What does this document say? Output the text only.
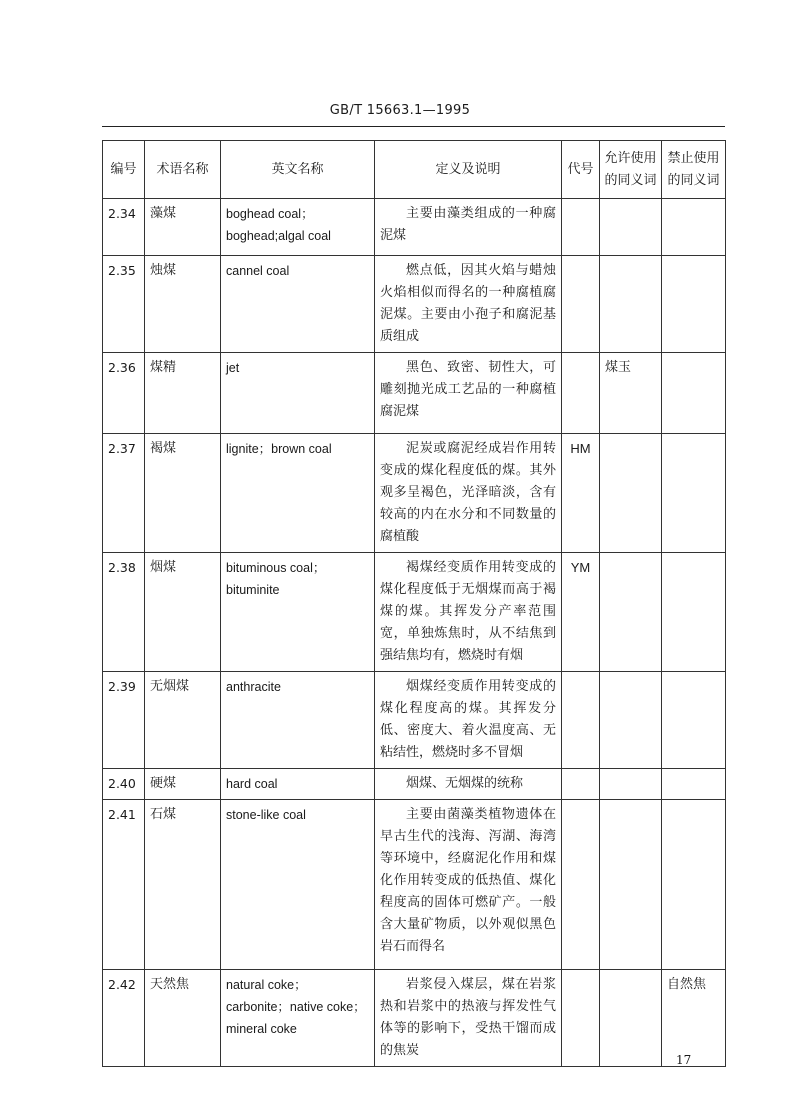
GB/T 15663.1—1995
编号	术语名称	英文名称	定义及说明	代号	允许使用的同义词	禁止使用的同义词
2.34	藻煤	boghead coal；boghead;algal coal	主要由藻类组成的一种腐泥煤			
2.35	烛煤	cannel coal	燃点低，因其火焰与蜡烛火焰相似而得名的一种腐植腐泥煤。主要由小孢子和腐泥基质组成			
2.36	煤精	jet	黑色、致密、韧性大，可雕刻抛光成工艺品的一种腐植腐泥煤		煤玉	
2.37	褐煤	lignite；brown coal	泥炭或腐泥经成岩作用转变成的煤化程度低的煤。其外观多呈褐色，光泽暗淡，含有较高的内在水分和不同数量的腐植酸	HM		
2.38	烟煤	bituminous coal；bituminite	褐煤经变质作用转变成的煤化程度低于无烟煤而高于褐煤的煤。其挥发分产率范围宽，单独炼焦时，从不结焦到强结焦均有，燃烧时有烟	YM		
2.39	无烟煤	anthracite	烟煤经变质作用转变成的煤化程度高的煤。其挥发分低、密度大、着火温度高、无粘结性，燃烧时多不冒烟			
2.40	硬煤	hard coal	烟煤、无烟煤的统称			
2.41	石煤	stone-like coal	主要由菌藻类植物遗体在早古生代的浅海、泻湖、海湾等环境中，经腐泥化作用和煤化作用转变成的低热值、煤化程度高的固体可燃矿产。一般含大量矿物质，以外观似黑色岩石而得名			
2.42	天然焦	natural coke；carbonite；native coke；mineral coke	岩浆侵入煤层，煤在岩浆热和岩浆中的热液与挥发性气体等的影响下，受热干馏而成的焦炭			自然焦
17
